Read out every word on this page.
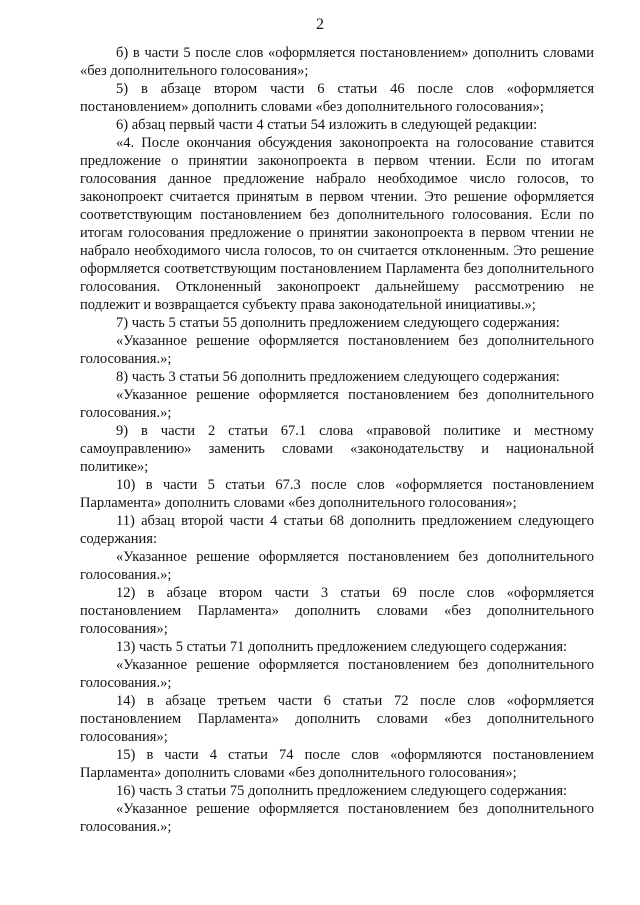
2

б) в части 5 после слов «оформляется постановлением» дополнить словами «без дополнительного голосования»;

5) в абзаце втором части 6 статьи 46 после слов «оформляется постановлением» дополнить словами «без дополнительного голосования»;

6) абзац первый части 4 статьи 54 изложить в следующей редакции:

«4. После окончания обсуждения законопроекта на голосование ставится предложение о принятии законопроекта в первом чтении. Если по итогам голосования данное предложение набрало необходимое число голосов, то законопроект считается принятым в первом чтении. Это решение оформляется соответствующим постановлением без дополнительного голосования. Если по итогам голосования предложение о принятии законопроекта в первом чтении не набрало необходимого числа голосов, то он считается отклоненным. Это решение оформляется соответствующим постановлением Парламента без дополнительного голосования. Отклоненный законопроект дальнейшему рассмотрению не подлежит и возвращается субъекту права законодательной инициативы.»;

7) часть 5 статьи 55 дополнить предложением следующего содержания:

«Указанное решение оформляется постановлением без дополнительного голосования.»;

8) часть 3 статьи 56 дополнить предложением следующего содержания:

«Указанное решение оформляется постановлением без дополнительного голосования.»;

9) в части 2 статьи 67.1 слова «правовой политике и местному самоуправлению» заменить словами «законодательству и национальной политике»;

10) в части 5 статьи 67.3 после слов «оформляется постановлением Парламента» дополнить словами «без дополнительного голосования»;

11) абзац второй части 4 статьи 68 дополнить предложением следующего содержания:

«Указанное решение оформляется постановлением без дополнительного голосования.»;

12) в абзаце втором части 3 статьи 69 после слов «оформляется постановлением Парламента» дополнить словами «без дополнительного голосования»;

13) часть 5 статьи 71 дополнить предложением следующего содержания:

«Указанное решение оформляется постановлением без дополнительного голосования.»;

14) в абзаце третьем части 6 статьи 72 после слов «оформляется постановлением Парламента» дополнить словами «без дополнительного голосования»;

15) в части 4 статьи 74 после слов «оформляются постановлением Парламента» дополнить словами «без дополнительного голосования»;

16) часть 3 статьи 75 дополнить предложением следующего содержания:

«Указанное решение оформляется постановлением без дополнительного голосования.»;
